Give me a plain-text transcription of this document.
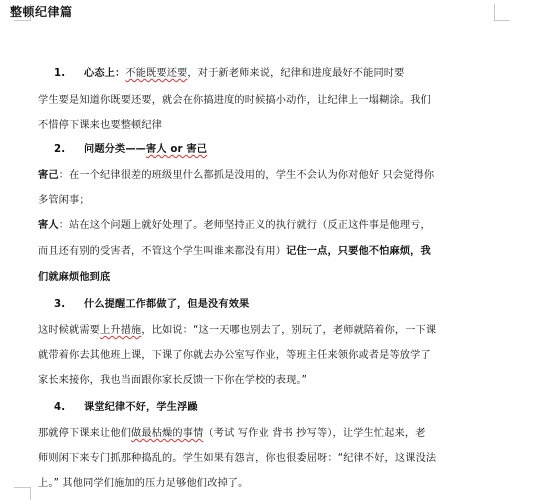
整顿纪律篇
1. 心态上：不能既要还要，对于新老师来说，纪律和进度最好不能同时要
学生要是知道你既要还要，就会在你搞进度的时候搞小动作，让纪律上一塌糊涂。我们
不惜停下课来也要整顿纪律
2. 问题分类——害人 or 害己
害己：在一个纪律很差的班级里什么都抓是没用的，学生不会认为你对他好 只会觉得你
多管闲事；
害人：站在这个问题上就好处理了。老师坚持正义的执行就行（反正这件事是他理亏，
而且还有别的受害者，不管这个学生叫谁来都没有用）记住一点，只要他不怕麻烦，我
们就麻烦他到底
3. 什么提醒工作都做了，但是没有效果
这时候就需要上升措施，比如说：“这一天哪也别去了，别玩了，老师就陪着你，一下课
就带着你去其他班上课，下课了你就去办公室写作业，等班主任来领你或者是等放学了
家长来接你，我也当面跟你家长反馈一下你在学校的表现。”
4. 课堂纪律不好，学生浮躁
那就停下课来让他们做最枯燥的事情（考试 写作业 背书 抄写等），让学生忙起来，老
师则闲下来专门抓那种捣乱的。学生如果有怨言，你也很委屈呀：“纪律不好，这课没法
上。” 其他同学们施加的压力足够他们改掉了。
